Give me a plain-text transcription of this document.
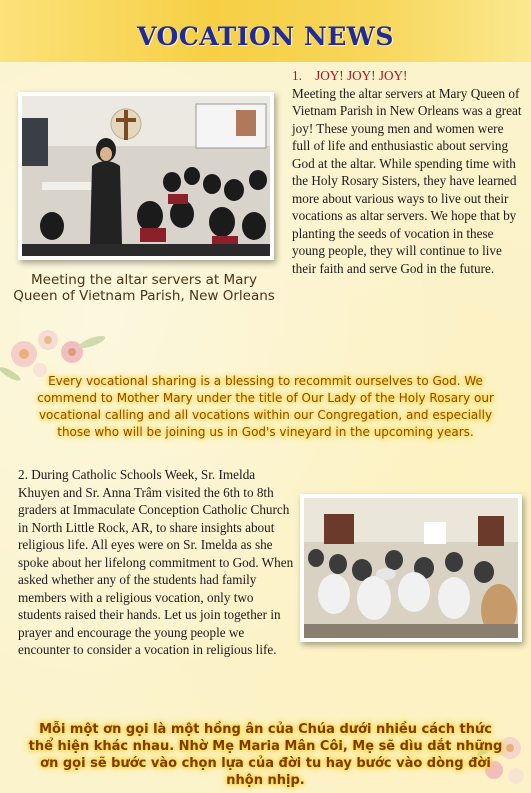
VOCATION NEWS
Meeting the altar servers at Mary Queen of Vietnam Parish, New Orleans
1.    JOY! JOY! JOY!
Meeting the altar servers at Mary Queen of Vietnam Parish in New Orleans was a great joy! These young men and women were full of life and enthusiastic about serving God at the altar. While spending time with the Holy Rosary Sisters, they have learned more about various ways to live out their vocations as altar servers. We hope that by planting the seeds of vocation in these young people, they will continue to live their faith and serve God in the future.
Every vocational sharing is a blessing to recommit ourselves to God. We commend to Mother Mary under the title of Our Lady of the Holy Rosary our vocational calling and all vocations within our Congregation, and especially those who will be joining us in God's vineyard in the upcoming years.
2. During Catholic Schools Week, Sr. Imelda Khuyen and Sr. Anna Trâm visited the 6th to 8th graders at Immaculate Conception Catholic Church in North Little Rock, AR, to share insights about religious life. All eyes were on Sr. Imelda as she spoke about her lifelong commitment to God. When asked whether any of the students had family members with a religious vocation, only two students raised their hands. Let us join together in prayer and encourage the young people we encounter to consider a vocation in religious life.
Mỗi một ơn gọi là một hồng ân của Chúa dưới nhiều cách thức thể hiện khác nhau. Nhờ Mẹ Maria Mân Côi, Mẹ sẽ dìu dắt những ơn gọi sẽ bước vào chọn lựa của đời tu hay bước vào dòng đời nhộn nhịp.
